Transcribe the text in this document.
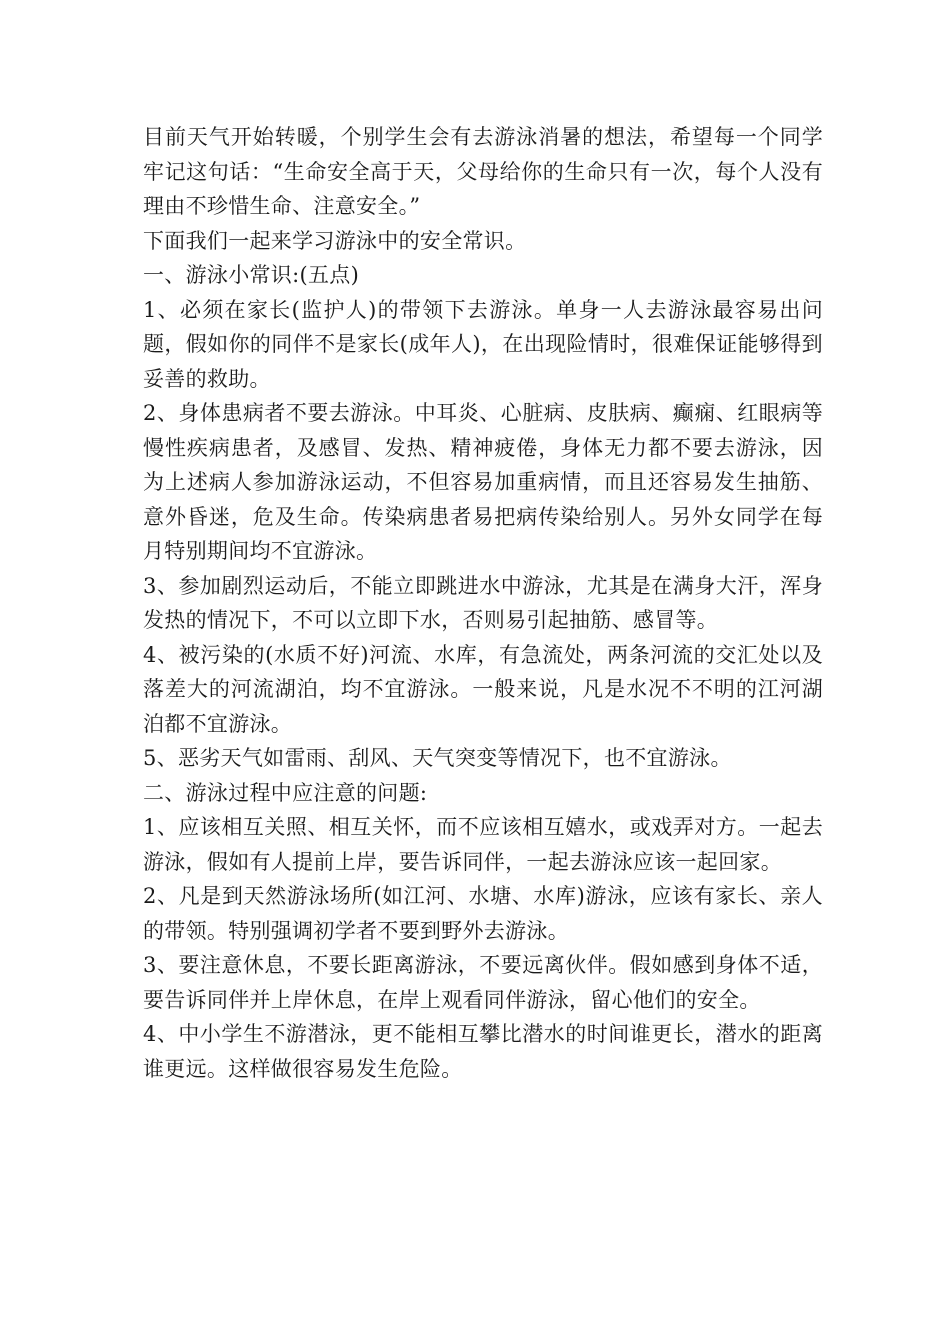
目前天气开始转暖，个别学生会有去游泳消暑的想法，希望每一个同学牢记这句话：“生命安全高于天，父母给你的生命只有一次，每个人没有理由不珍惜生命、注意安全。”

下面我们一起来学习游泳中的安全常识。

一、游泳小常识:(五点)

1、必须在家长(监护人)的带领下去游泳。单身一人去游泳最容易出问题，假如你的同伴不是家长(成年人)，在出现险情时，很难保证能够得到妥善的救助。

2、身体患病者不要去游泳。中耳炎、心脏病、皮肤病、癫痫、红眼病等慢性疾病患者，及感冒、发热、精神疲倦，身体无力都不要去游泳，因为上述病人参加游泳运动，不但容易加重病情，而且还容易发生抽筋、意外昏迷，危及生命。传染病患者易把病传染给别人。另外女同学在每月特别期间均不宜游泳。

3、参加剧烈运动后，不能立即跳进水中游泳，尤其是在满身大汗，浑身发热的情况下，不可以立即下水，否则易引起抽筋、感冒等。

4、被污染的(水质不好)河流、水库，有急流处，两条河流的交汇处以及落差大的河流湖泊，均不宜游泳。一般来说，凡是水况不不明的江河湖泊都不宜游泳。

5、恶劣天气如雷雨、刮风、天气突变等情况下，也不宜游泳。

二、游泳过程中应注意的问题:

1、应该相互关照、相互关怀，而不应该相互嬉水，或戏弄对方。一起去游泳，假如有人提前上岸，要告诉同伴，一起去游泳应该一起回家。

2、凡是到天然游泳场所(如江河、水塘、水库)游泳，应该有家长、亲人的带领。特别强调初学者不要到野外去游泳。

3、要注意休息，不要长距离游泳，不要远离伙伴。假如感到身体不适，要告诉同伴并上岸休息，在岸上观看同伴游泳，留心他们的安全。

4、中小学生不游潜泳，更不能相互攀比潜水的时间谁更长，潜水的距离谁更远。这样做很容易发生危险。
